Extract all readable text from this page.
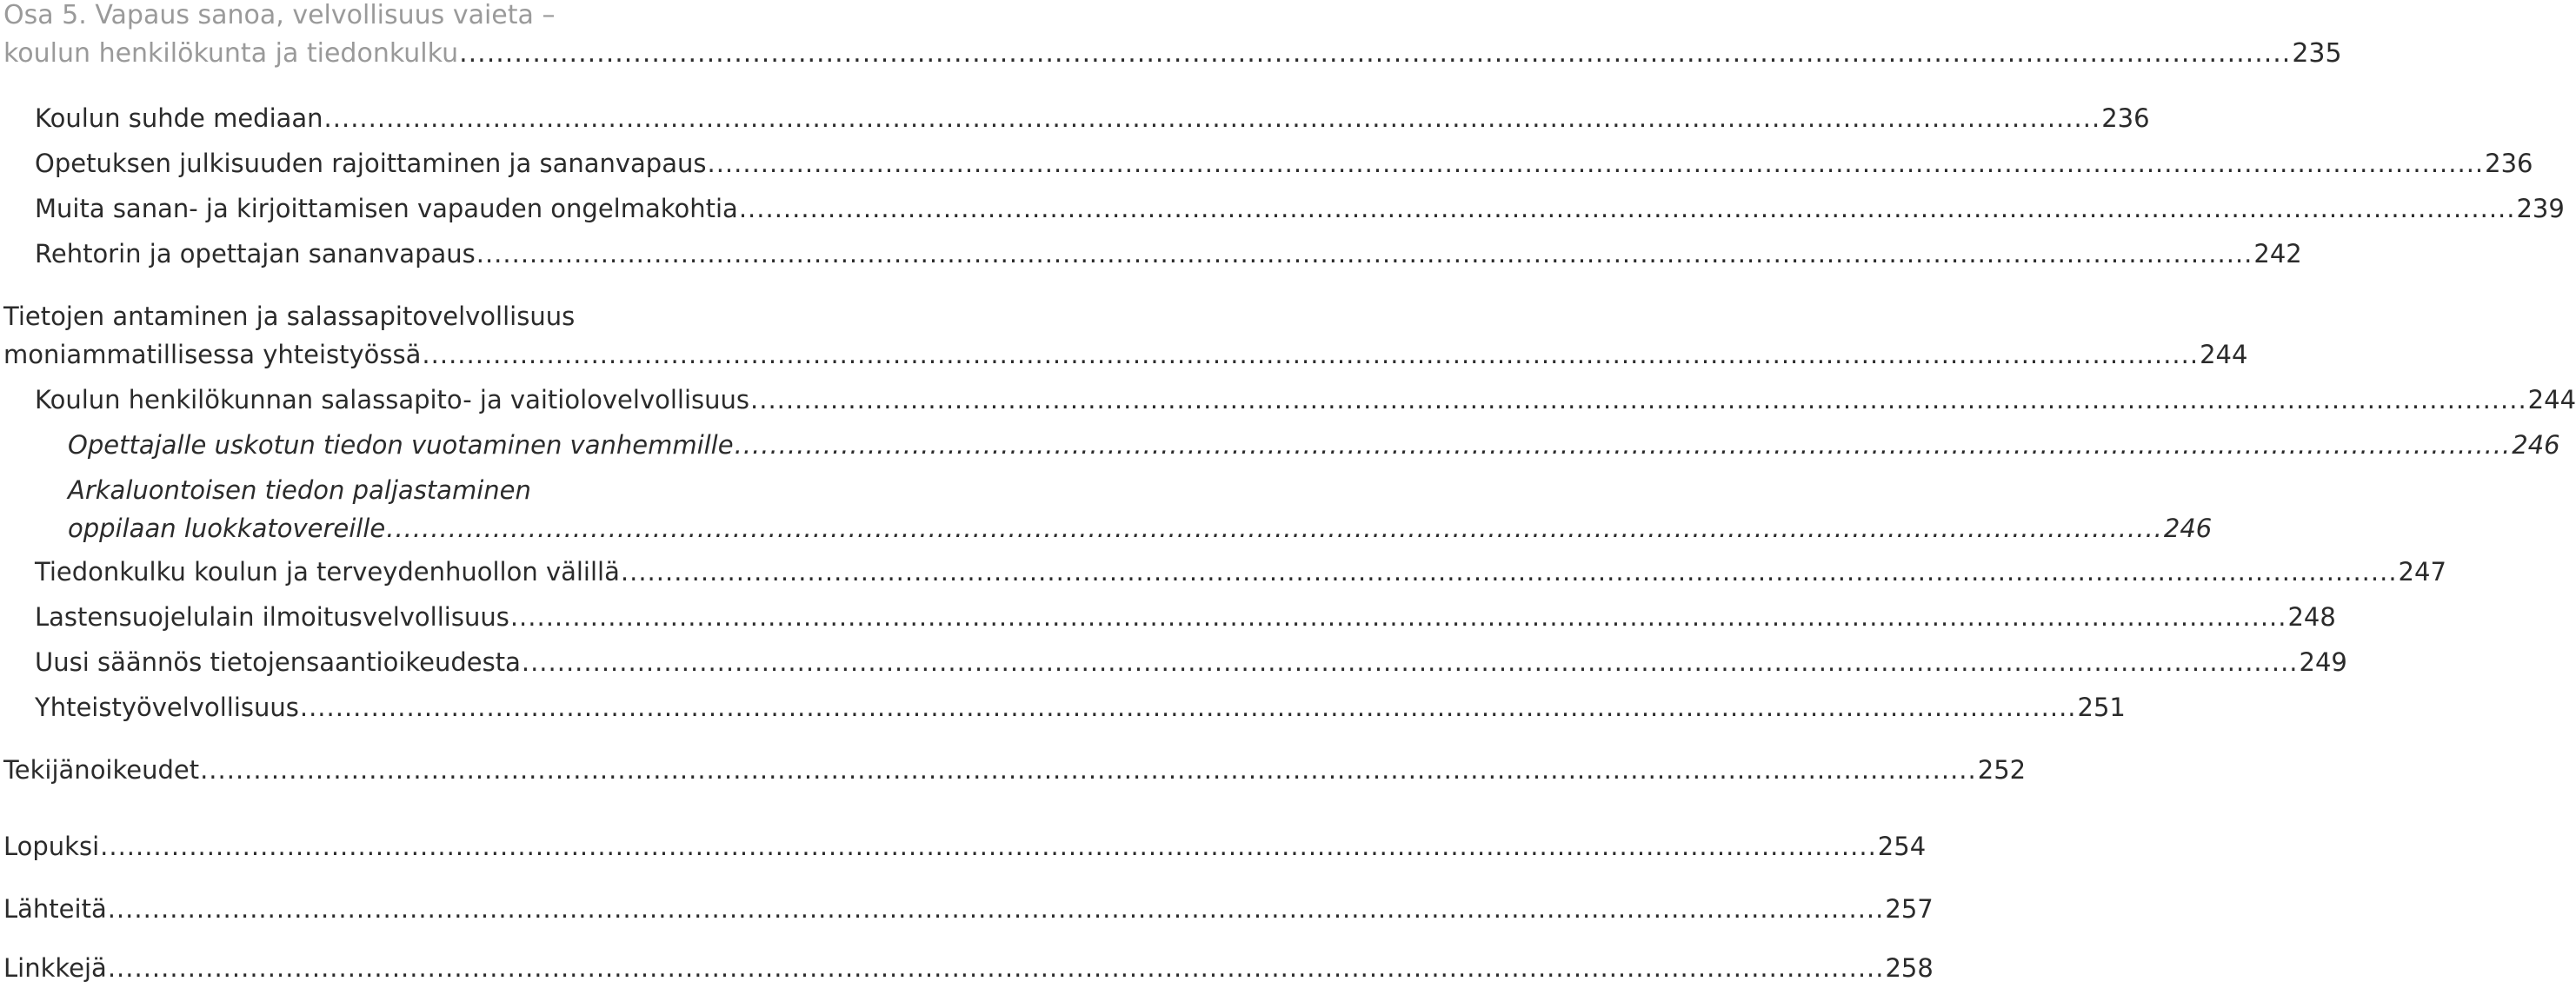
Osa 5. Vapaus sanoa, velvollisuus vaieta –
koulun henkilökunta ja tiedonkulku ........................................................................................................................................................................................................ 235
Koulun suhde mediaan ........................................................................................................................................................................................................ 236
Opetuksen julkisuuden rajoittaminen ja sananvapaus ........................................................................................................................................................................................................ 236
Muita sanan- ja kirjoittamisen vapauden ongelmakohtia ........................................................................................................................................................................................................ 239
Rehtorin ja opettajan sananvapaus ........................................................................................................................................................................................................ 242
Tietojen antaminen ja salassapitovelvollisuus
moniammatillisessa yhteistyössä ........................................................................................................................................................................................................ 244
Koulun henkilökunnan salassapito- ja vaitiolovelvollisuus ........................................................................................................................................................................................................ 244
Opettajalle uskotun tiedon vuotaminen vanhemmille ........................................................................................................................................................................................................ 246
Arkaluontoisen tiedon paljastaminen
oppilaan luokkatovereille ........................................................................................................................................................................................................ 246
Tiedonkulku koulun ja terveydenhuollon välillä ........................................................................................................................................................................................................ 247
Lastensuojelulain ilmoitusvelvollisuus ........................................................................................................................................................................................................ 248
Uusi säännös tietojensaantioikeudesta ........................................................................................................................................................................................................ 249
Yhteistyövelvollisuus ........................................................................................................................................................................................................ 251
Tekijänoikeudet ........................................................................................................................................................................................................ 252
Lopuksi ........................................................................................................................................................................................................ 254
Lähteitä ........................................................................................................................................................................................................ 257
Linkkejä ........................................................................................................................................................................................................ 258
